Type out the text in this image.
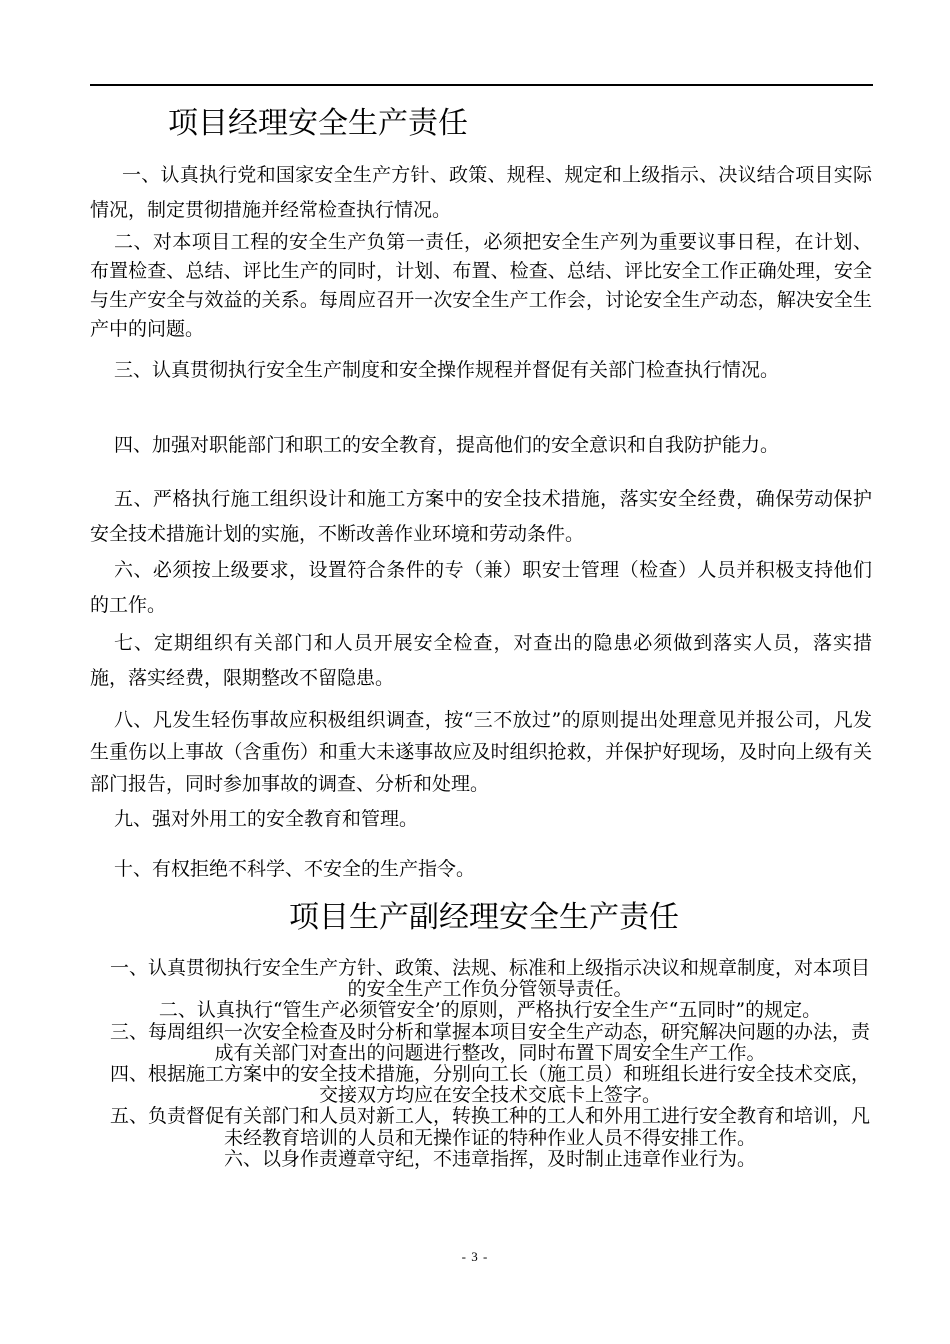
项目经理安全生产责任

一、认真执行党和国家安全生产方针、政策、规程、规定和上级指示、决议结合项目实际情况，制定贯彻措施并经常检查执行情况。

二、对本项目工程的安全生产负第一责任，必须把安全生产列为重要议事日程，在计划、布置检查、总结、评比生产的同时，计划、布置、检查、总结、评比安全工作正确处理，安全与生产安全与效益的关系。每周应召开一次安全生产工作会，讨论安全生产动态，解决安全生产中的问题。

三、认真贯彻执行安全生产制度和安全操作规程并督促有关部门检查执行情况。

四、加强对职能部门和职工的安全教育，提高他们的安全意识和自我防护能力。

五、严格执行施工组织设计和施工方案中的安全技术措施，落实安全经费，确保劳动保护安全技术措施计划的实施，不断改善作业环境和劳动条件。

六、必须按上级要求，设置符合条件的专（兼）职安士管理（检查）人员并积极支持他们的工作。

七、定期组织有关部门和人员开展安全检查，对查出的隐患必须做到落实人员，落实措施，落实经费，限期整改不留隐患。

八、凡发生轻伤事故应积极组织调查，按“三不放过”的原则提出处理意见并报公司，凡发生重伤以上事故（含重伤）和重大未遂事故应及时组织抢救，并保护好现场，及时向上级有关部门报告，同时参加事故的调查、分析和处理。

九、强对外用工的安全教育和管理。

十、有权拒绝不科学、不安全的生产指令。

项目生产副经理安全生产责任

一、认真贯彻执行安全生产方针、政策、法规、标准和上级指示决议和规章制度，对本项目的安全生产工作负分管领导责任。

二、认真执行“管生产必须管安全’的原则，严格执行安全生产“五同时”的规定。

三、每周组织一次安全检查及时分析和掌握本项目安全生产动态，研究解决问题的办法，责成有关部门对查出的问题进行整改，同时布置下周安全生产工作。

四、根据施工方案中的安全技术措施，分别向工长（施工员）和班组长进行安全技术交底，交接双方均应在安全技术交底卡上签字。

五、负责督促有关部门和人员对新工人，转换工种的工人和外用工进行安全教育和培训，凡未经教育培训的人员和无操作证的特种作业人员不得安排工作。

六、以身作责遵章守纪，不违章指挥，及时制止违章作业行为。

- 3 -
